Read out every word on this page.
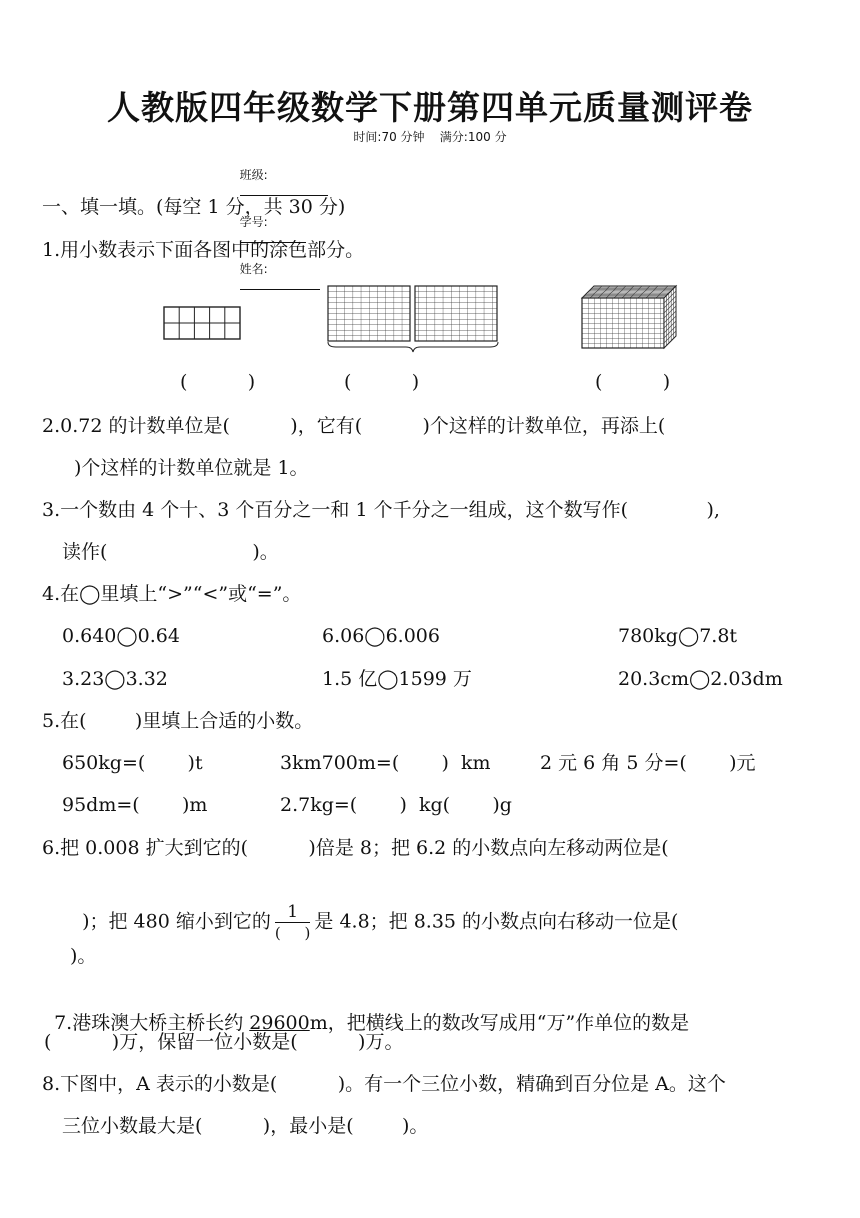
人教版四年级数学下册第四单元质量测评卷
时间:70 分钟    满分:100 分

班级:

学号:

姓名:

一、填一填。(每空 1 分，共 30 分)
1.用小数表示下面各图中的涂色部分。
(          )	(          )	(          )
2.0.72 的计数单位是(          )，它有(          )个这样的计数单位，再添上(
)个这样的计数单位就是 1。
3.一个数由 4 个十、3 个百分之一和 1 个千分之一组成，这个数写作(             ),
读作(                        )。
4.在◯里填上“>”“<”或“=”。
0.640◯0.64	6.06◯6.006	780kg◯7.8t
3.23◯3.32	1.5 亿◯1599 万	20.3cm◯2.03dm
5.在(        )里填上合适的小数。
650kg=(       )t	3km700m=(       )  km	2 元 6 角 5 分=(       )元
95dm=(       )m	2.7kg=(       )  kg(       )g
6.把 0.008 扩大到它的(          )倍是 8；把 6.2 的小数点向左移动两位是(

)；把 480 缩小到它的 $\frac{1}{( )}$ 是 4.8；把 8.35 的小数点向右移动一位是(

)。

7.港珠澳大桥主桥长约 29600m，把横线上的数改写成用“万”作单位的数是

(          )万，保留一位小数是(          )万。
8.下图中，A 表示的小数是(          )。有一个三位小数，精确到百分位是 A。这个
三位小数最大是(          )，最小是(        )。
